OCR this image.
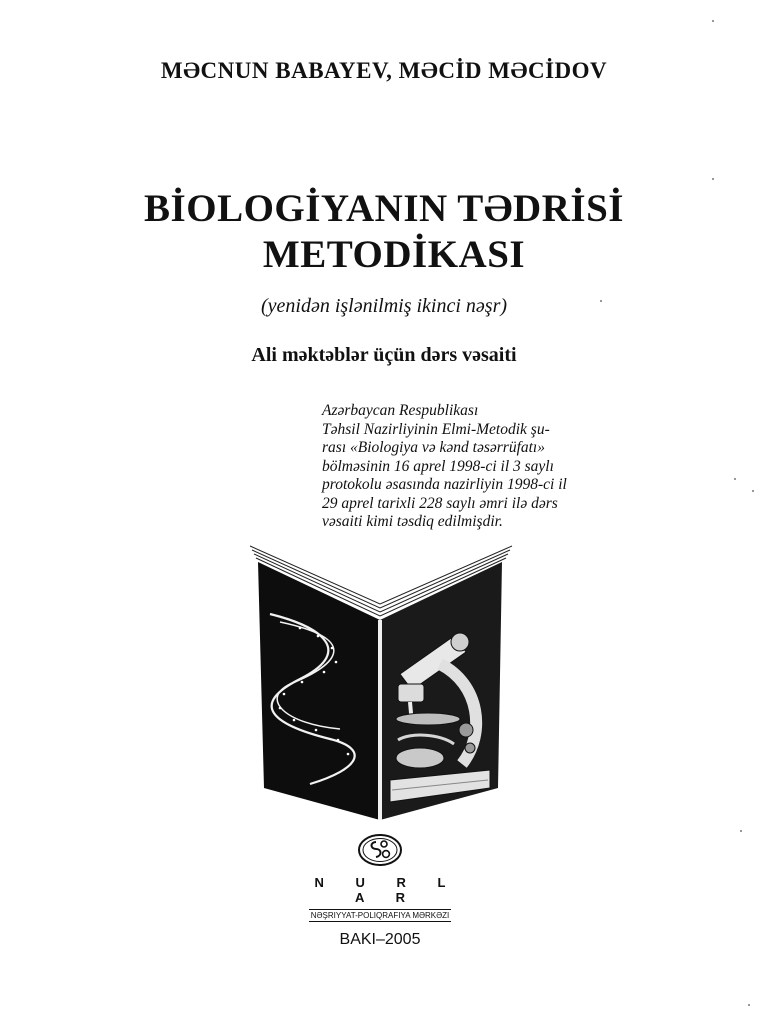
MƏCNUN BABAYEV, MƏCİD MƏCİDOV
BİOLOGİYANIN TƏDRİSİ
METODİKASI
(yenidən işlənilmiş ikinci nəşr)
Ali məktəblər üçün dərs vəsaiti
Azərbaycan Respublikası
Təhsil Nazirliyinin Elmi-Metodik şu-
rası «Biologiya və kənd təsərrüfatı»
bölməsinin 16 aprel 1998-ci il 3 saylı
protokolu əsasında nazirliyin 1998-ci il
29 aprel tarixli 228 saylı əmri ilə dərs
vəsaiti kimi təsdiq edilmişdir.
N U R L A R
NƏŞRIYYAT-POLIQRAFIYA MƏRKƏZI
BAKI–2005
